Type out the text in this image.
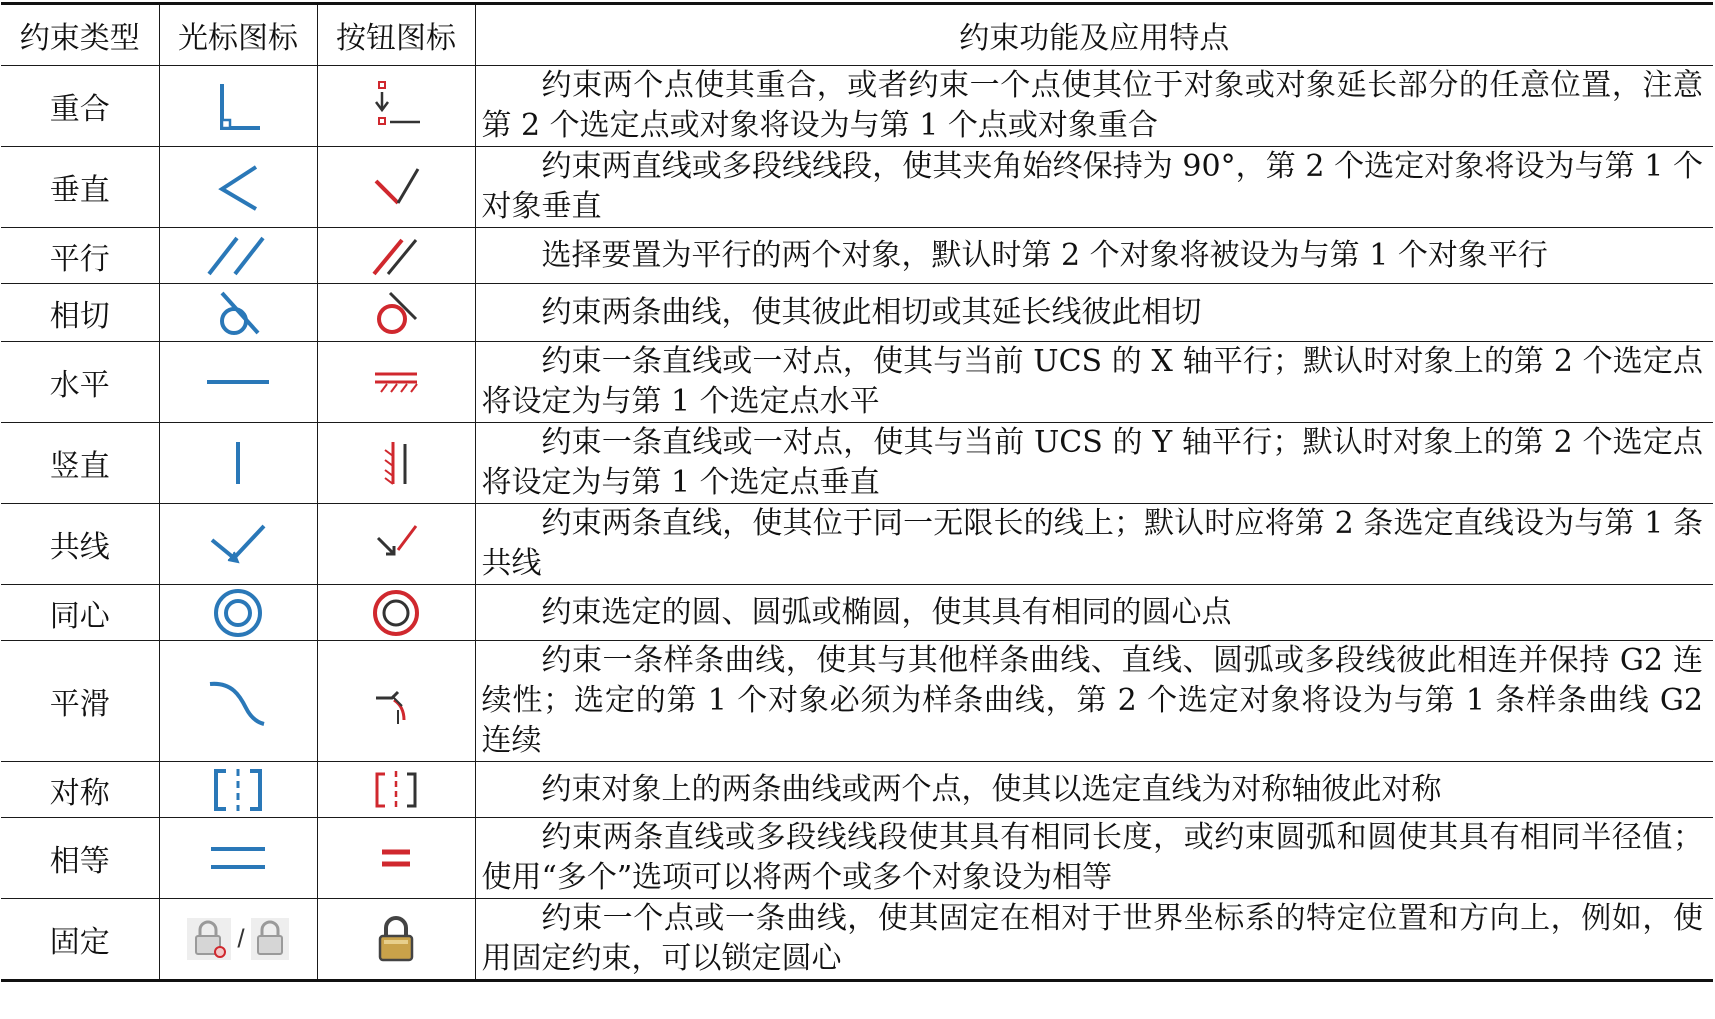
约束类型	光标图标	按钮图标	约束功能及应用特点
重合			约束两个点使其重合，或者约束一个点使其位于对象或对象延长部分的任意位置，注意第 2 个选定点或对象将设为与第 1 个点或对象重合

垂直			约束两直线或多段线线段，使其夹角始终保持为 90°，第 2 个选定对象将设为与第 1 个对象垂直

平行			选择要置为平行的两个对象，默认时第 2 个对象将被设为与第 1 个对象平行

相切			约束两条曲线，使其彼此相切或其延长线彼此相切

水平			约束一条直线或一对点，使其与当前 UCS 的 X 轴平行；默认时对象上的第 2 个选定点将设定为与第 1 个选定点水平

竖直			约束一条直线或一对点，使其与当前 UCS 的 Y 轴平行；默认时对象上的第 2 个选定点将设定为与第 1 个选定点垂直

共线			约束两条直线，使其位于同一无限长的线上；默认时应将第 2 条选定直线设为与第 1 条共线

同心			约束选定的圆、圆弧或椭圆，使其具有相同的圆心点

平滑			约束一条样条曲线，使其与其他样条曲线、直线、圆弧或多段线彼此相连并保持 G2 连续性；选定的第 1 个对象必须为样条曲线，第 2 个选定对象将设为与第 1 条样条曲线 G2 连续

对称			约束对象上的两条曲线或两个点，使其以选定直线为对称轴彼此对称

相等			约束两条直线或多段线线段使其具有相同长度，或约束圆弧和圆使其具有相同半径值；使用“多个”选项可以将两个或多个对象设为相等

固定	/		约束一个点或一条曲线，使其固定在相对于世界坐标系的特定位置和方向上，例如，使用固定约束，可以锁定圆心
